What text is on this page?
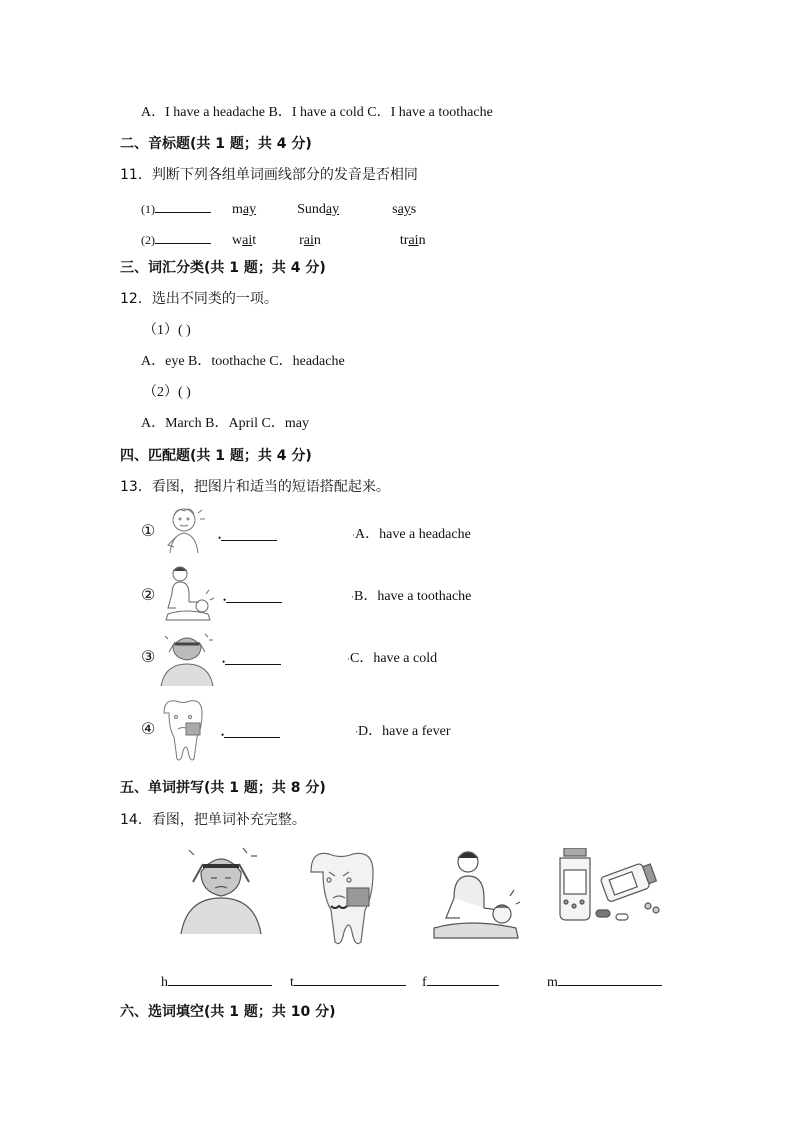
A．I have a headache B．I have a cold C．I have a toothache
二、音标题(共 1 题；共 4 分)
11．判断下列各组单词画线部分的发音是否相同
(1)	may	Sunday	says
(2)	wait	rain	train
三、词汇分类(共 1 题；共 4 分)
12．选出不同类的一项。
（1）( )
A．eye B．toothache C．headache
（2）( )
A．March B．April C．may
四、匹配题(共 1 题；共 4 分)
13．看图，把图片和适当的短语搭配起来。
①	•	·A．have a headache
②	•	·B．have a toothache
③	•	·C．have a cold
④	•	·D．have a fever
五、单词拼写(共 1 题；共 8 分)
14．看图，把单词补充完整。
h	t	f	m
六、选词填空(共 1 题；共 10 分)
